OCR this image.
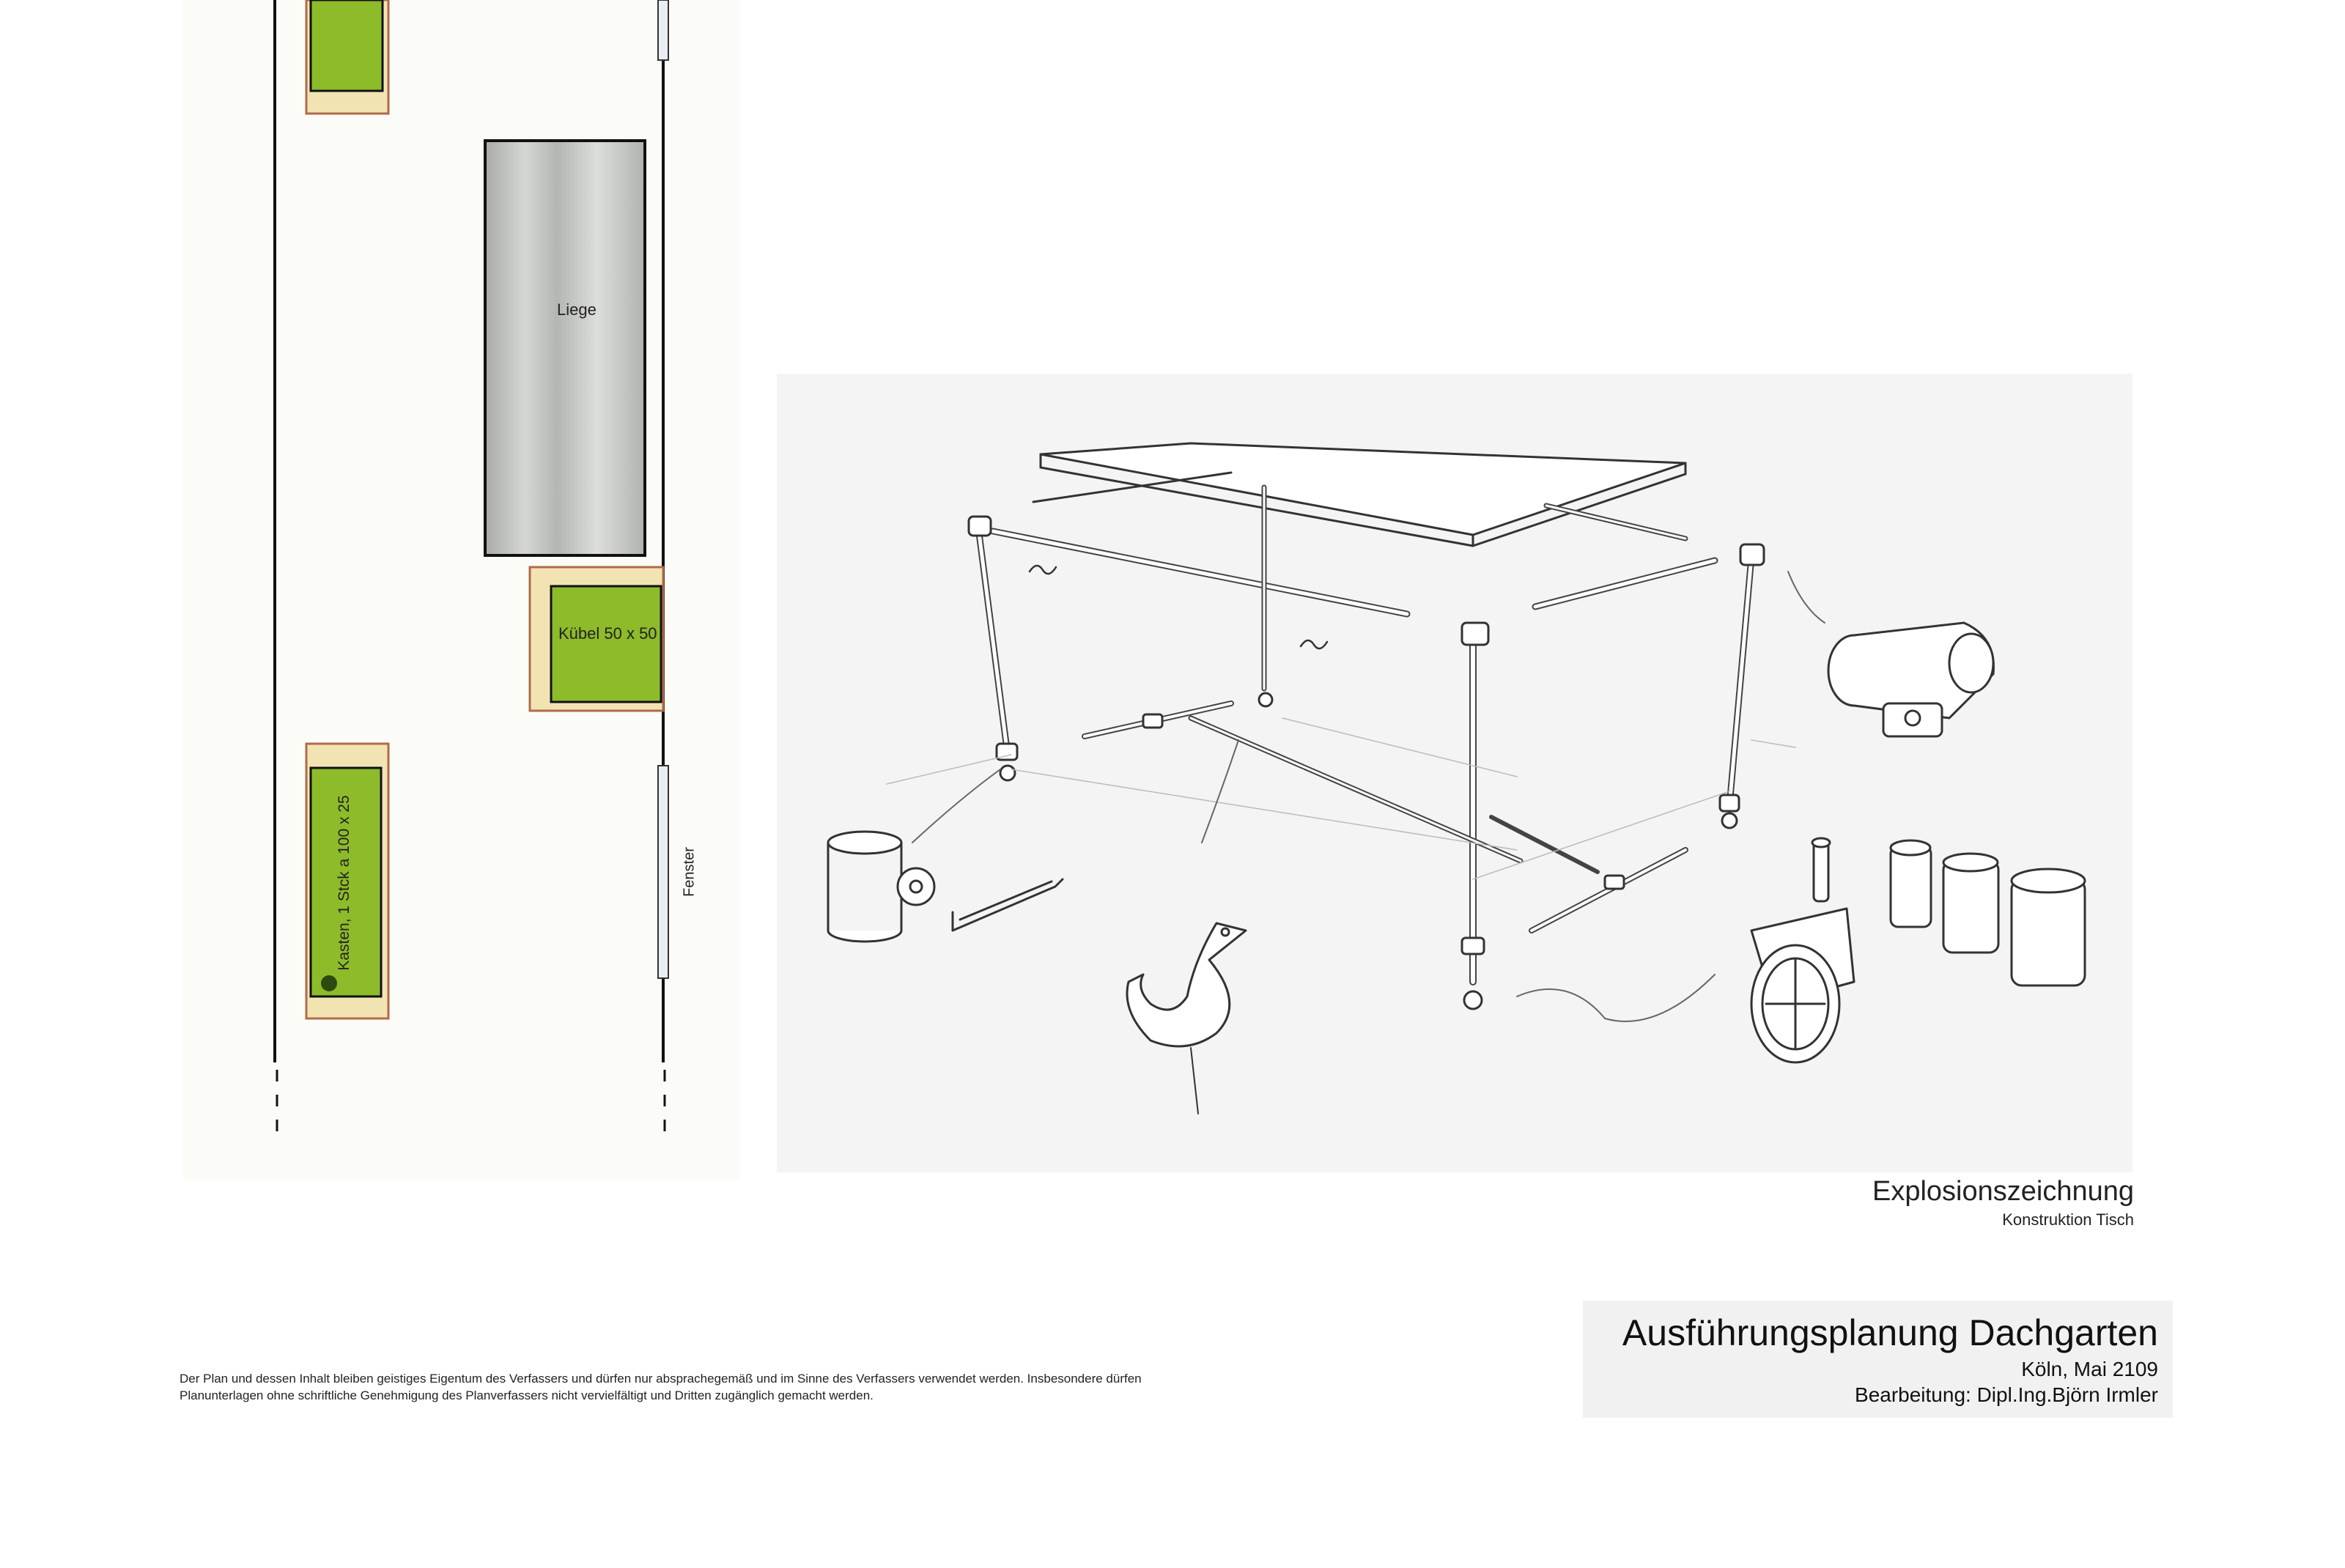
Liege
Kübel 50 x 50
Kasten, 1 Stck a 100 x 25	Fenster
Explosionszeichnung
Konstruktion Tisch
Der Plan und dessen Inhalt bleiben geistiges Eigentum des Verfassers und dürfen nur absprachegemäß und im Sinne des Verfassers verwendet werden. Insbesondere dürfen Planunterlagen ohne schriftliche Genehmigung des Planverfassers nicht vervielfältigt und Dritten zugänglich gemacht werden.
Ausführungsplanung Dachgarten
Köln, Mai 2109
Bearbeitung: Dipl.Ing.Björn Irmler
